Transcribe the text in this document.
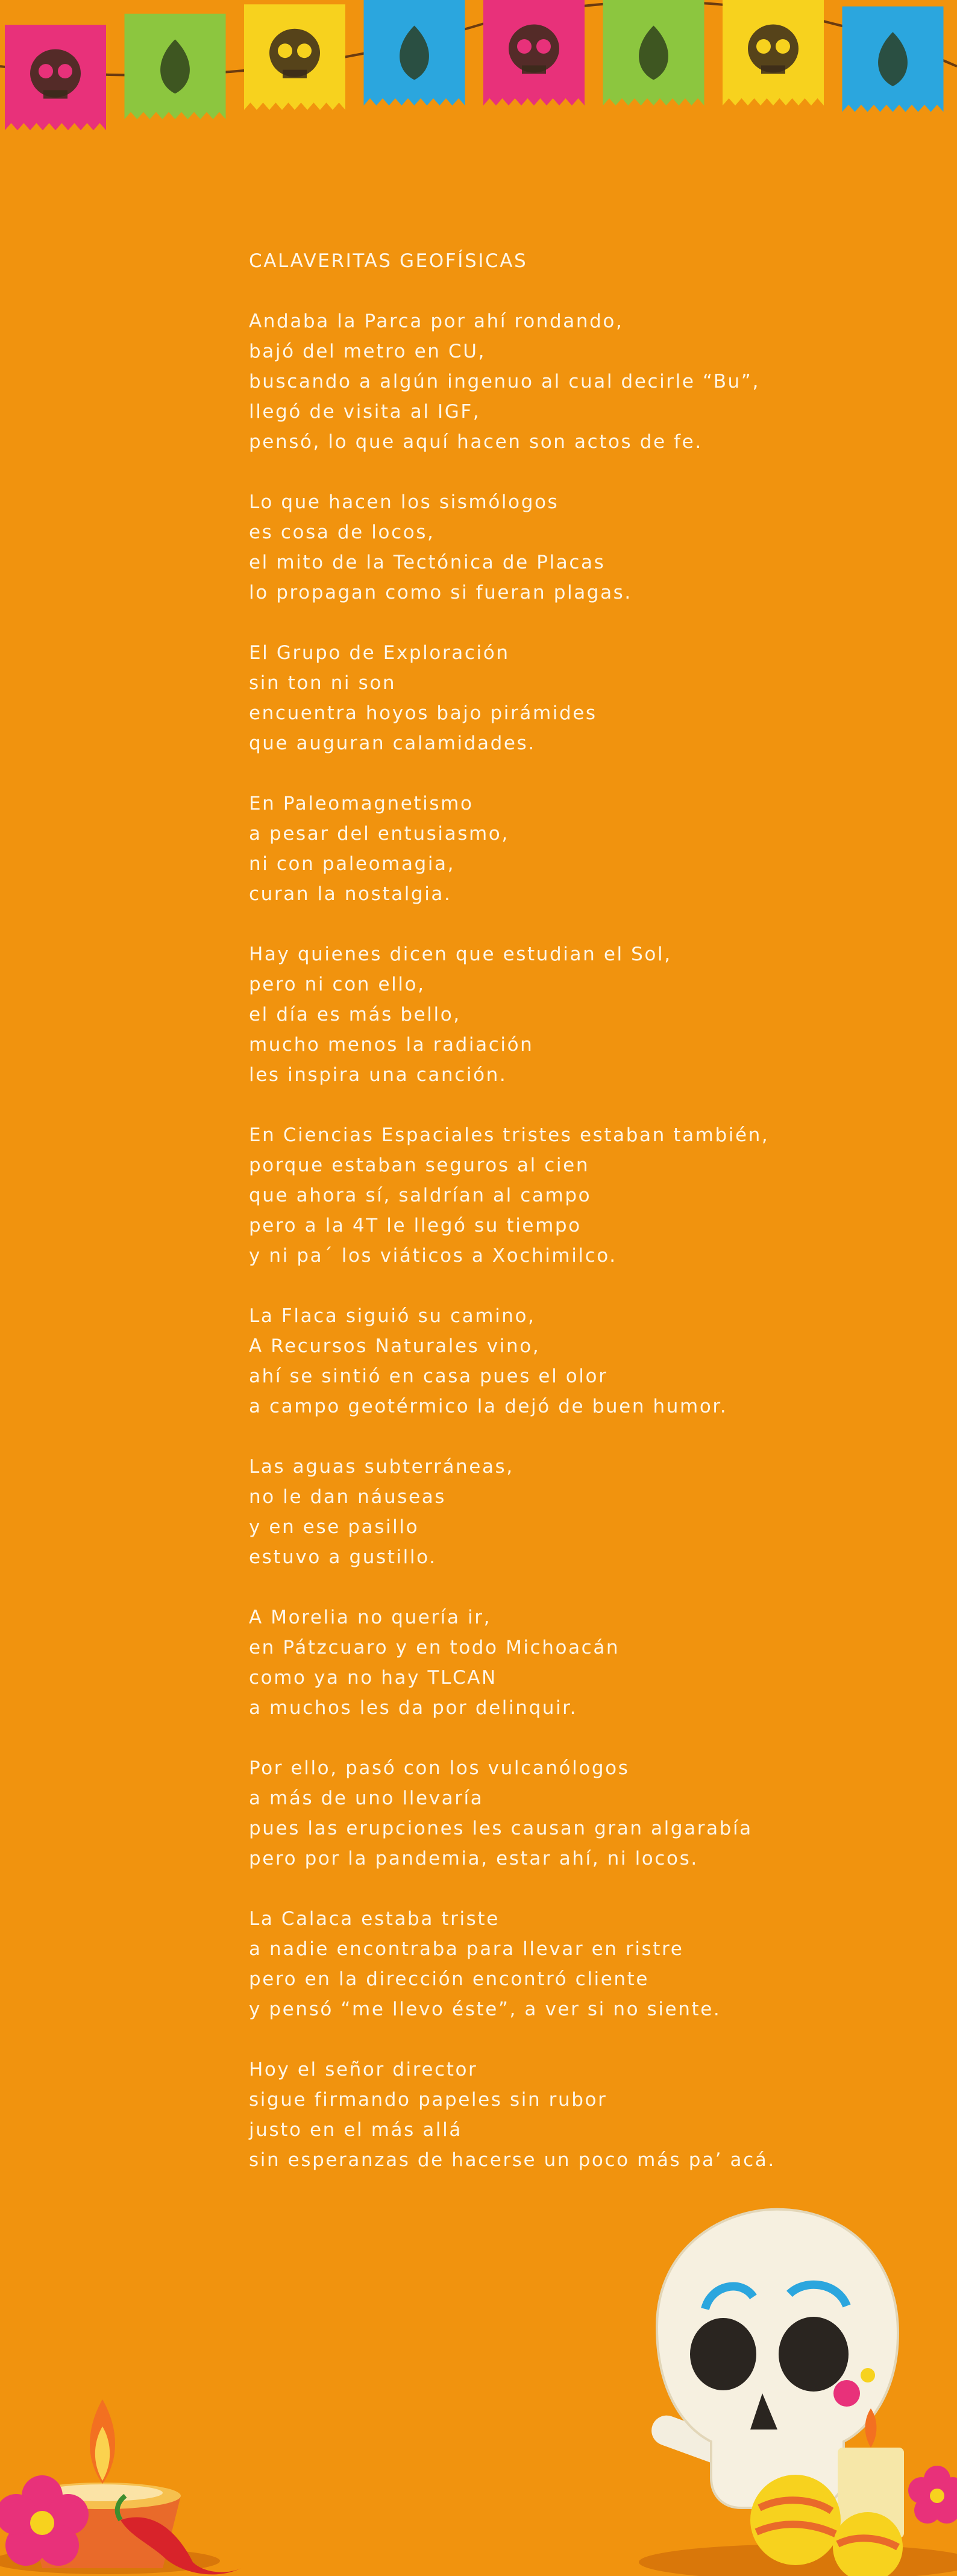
CALAVERITAS GEOFÍSICAS
Andaba la Parca por ahí rondando,
bajó del metro en CU,
buscando a algún ingenuo al cual decirle “Bu”,
llegó de visita al IGF,
pensó, lo que aquí hacen son actos de fe.
Lo que hacen los sismólogos
es cosa de locos,
el mito de la Tectónica de Placas
lo propagan como si fueran plagas.
El Grupo de Exploración
sin ton ni son
encuentra hoyos bajo pirámides
que auguran calamidades.
En Paleomagnetismo
a pesar del entusiasmo,
ni con paleomagia,
curan la nostalgia.
Hay quienes dicen que estudian el Sol,
pero ni con ello,
el día es más bello,
mucho menos la radiación
les inspira una canción.
En Ciencias Espaciales tristes estaban también,
porque estaban seguros al cien
que ahora sí, saldrían al campo
pero a la 4T le llegó su tiempo
y ni pa´ los viáticos a Xochimilco.
La Flaca siguió su camino,
A Recursos Naturales vino,
ahí se sintió en casa pues el olor
a campo geotérmico la dejó de buen humor.
Las aguas subterráneas,
no le dan náuseas
y en ese pasillo
estuvo a gustillo.
A Morelia no quería ir,
en Pátzcuaro y en todo Michoacán
como ya no hay TLCAN
a muchos les da por delinquir.
Por ello, pasó con los vulcanólogos
a más de uno llevaría
pues las erupciones les causan gran algarabía
pero por la pandemia, estar ahí, ni locos.
La Calaca estaba triste
a nadie encontraba para llevar en ristre
pero en la dirección encontró cliente
y pensó “me llevo éste”, a ver si no siente.
Hoy el señor director
sigue firmando papeles sin rubor
justo en el más allá
sin esperanzas de hacerse un poco más pa’ acá.
